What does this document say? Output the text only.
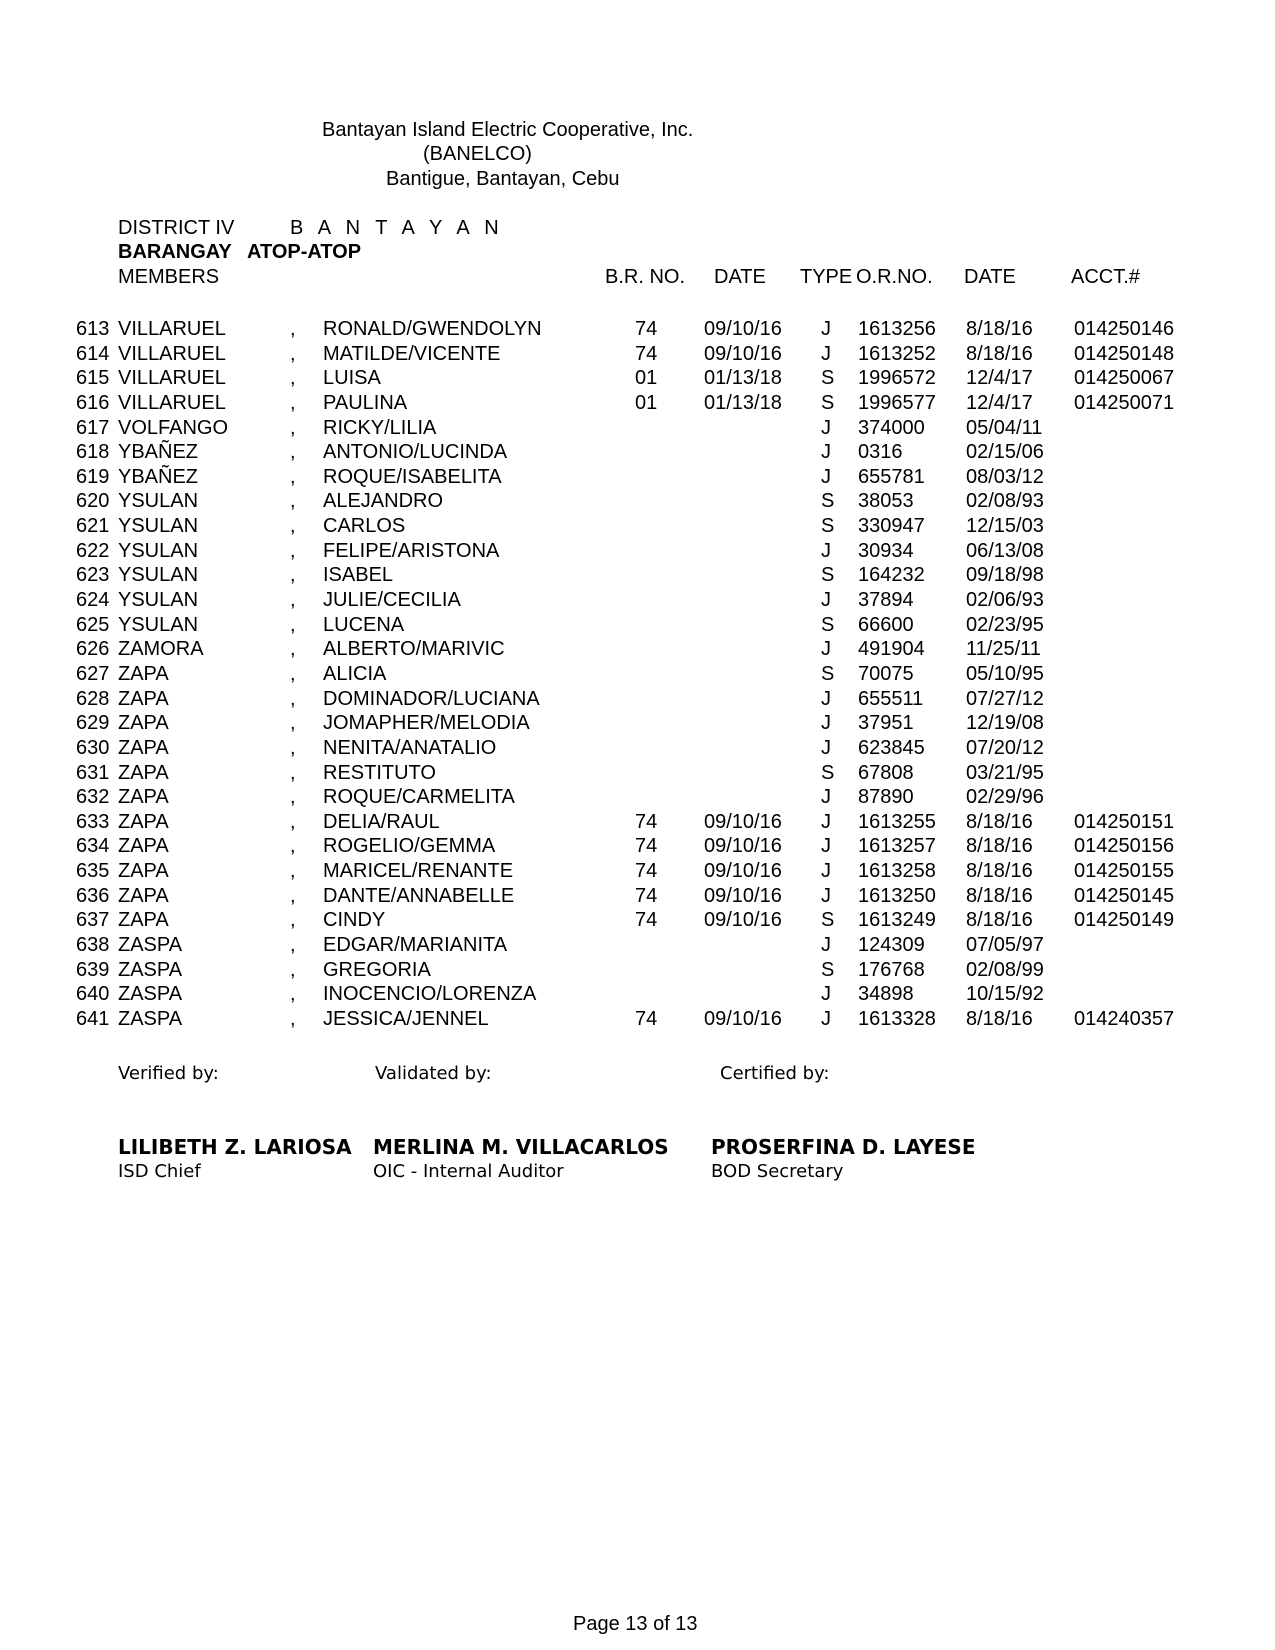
Bantayan Island Electric Cooperative, Inc.
(BANELCO)
Bantigue, Bantayan, Cebu
DISTRICT IV	B A N T A Y A N
BARANGAY ATOP-ATOP
MEMBERS	B.R. NO. DATE TYPE O.R.NO. DATE	ACCT.#
613 VILLARUEL	, RONALD/GWENDOLYN	74 09/10/16 J 1613256 8/18/16 014250146
614 VILLARUEL	, MATILDE/VICENTE	74 09/10/16 J 1613252 8/18/16 014250148
615 VILLARUEL	, LUISA	01 01/13/18 S 1996572 12/4/17 014250067
616 VILLARUEL	, PAULINA	01 01/13/18 S 1996577 12/4/17 014250071
617 VOLFANGO	, RICKY/LILIA	J 374000 05/04/11
618 YBAÑEZ	, ANTONIO/LUCINDA	J 0316	02/15/06
619 YBAÑEZ	, ROQUE/ISABELITA	J 655781 08/03/12
620 YSULAN	, ALEJANDRO	S 38053	02/08/93
621 YSULAN	, CARLOS	S 330947 12/15/03
622 YSULAN	, FELIPE/ARISTONA	J 30934	06/13/08
623 YSULAN	, ISABEL	S 164232 09/18/98
624 YSULAN	, JULIE/CECILIA	J 37894	02/06/93
625 YSULAN	, LUCENA	S 66600	02/23/95
626 ZAMORA	, ALBERTO/MARIVIC	J 491904 11/25/11
627 ZAPA	, ALICIA	S 70075	05/10/95
628 ZAPA	, DOMINADOR/LUCIANA	J 655511 07/27/12
629 ZAPA	, JOMAPHER/MELODIA	J 37951	12/19/08
630 ZAPA	, NENITA/ANATALIO	J 623845 07/20/12
631 ZAPA	, RESTITUTO	S 67808	03/21/95
632 ZAPA	, ROQUE/CARMELITA	J 87890	02/29/96
633 ZAPA	, DELIA/RAUL	74 09/10/16 J 1613255 8/18/16 014250151
634 ZAPA	, ROGELIO/GEMMA	74 09/10/16 J 1613257 8/18/16 014250156
635 ZAPA	, MARICEL/RENANTE	74 09/10/16 J 1613258 8/18/16 014250155
636 ZAPA	, DANTE/ANNABELLE	74 09/10/16 J 1613250 8/18/16 014250145
637 ZAPA	, CINDY	74 09/10/16 S 1613249 8/18/16 014250149
638 ZASPA	, EDGAR/MARIANITA	J 124309 07/05/97
639 ZASPA	, GREGORIA	S 176768 02/08/99
640 ZASPA	, INOCENCIO/LORENZA	J 34898	10/15/92
641 ZASPA	, JESSICA/JENNEL	74 09/10/16 J 1613328 8/18/16 014240357
Verified by:	Validated by:	Certified by:
LILIBETH Z. LARIOSA
ISD Chief
MERLINA M. VILLACARLOS
OIC - Internal Auditor
PROSERFINA D. LAYESE
BOD Secretary
Page 13 of 13
